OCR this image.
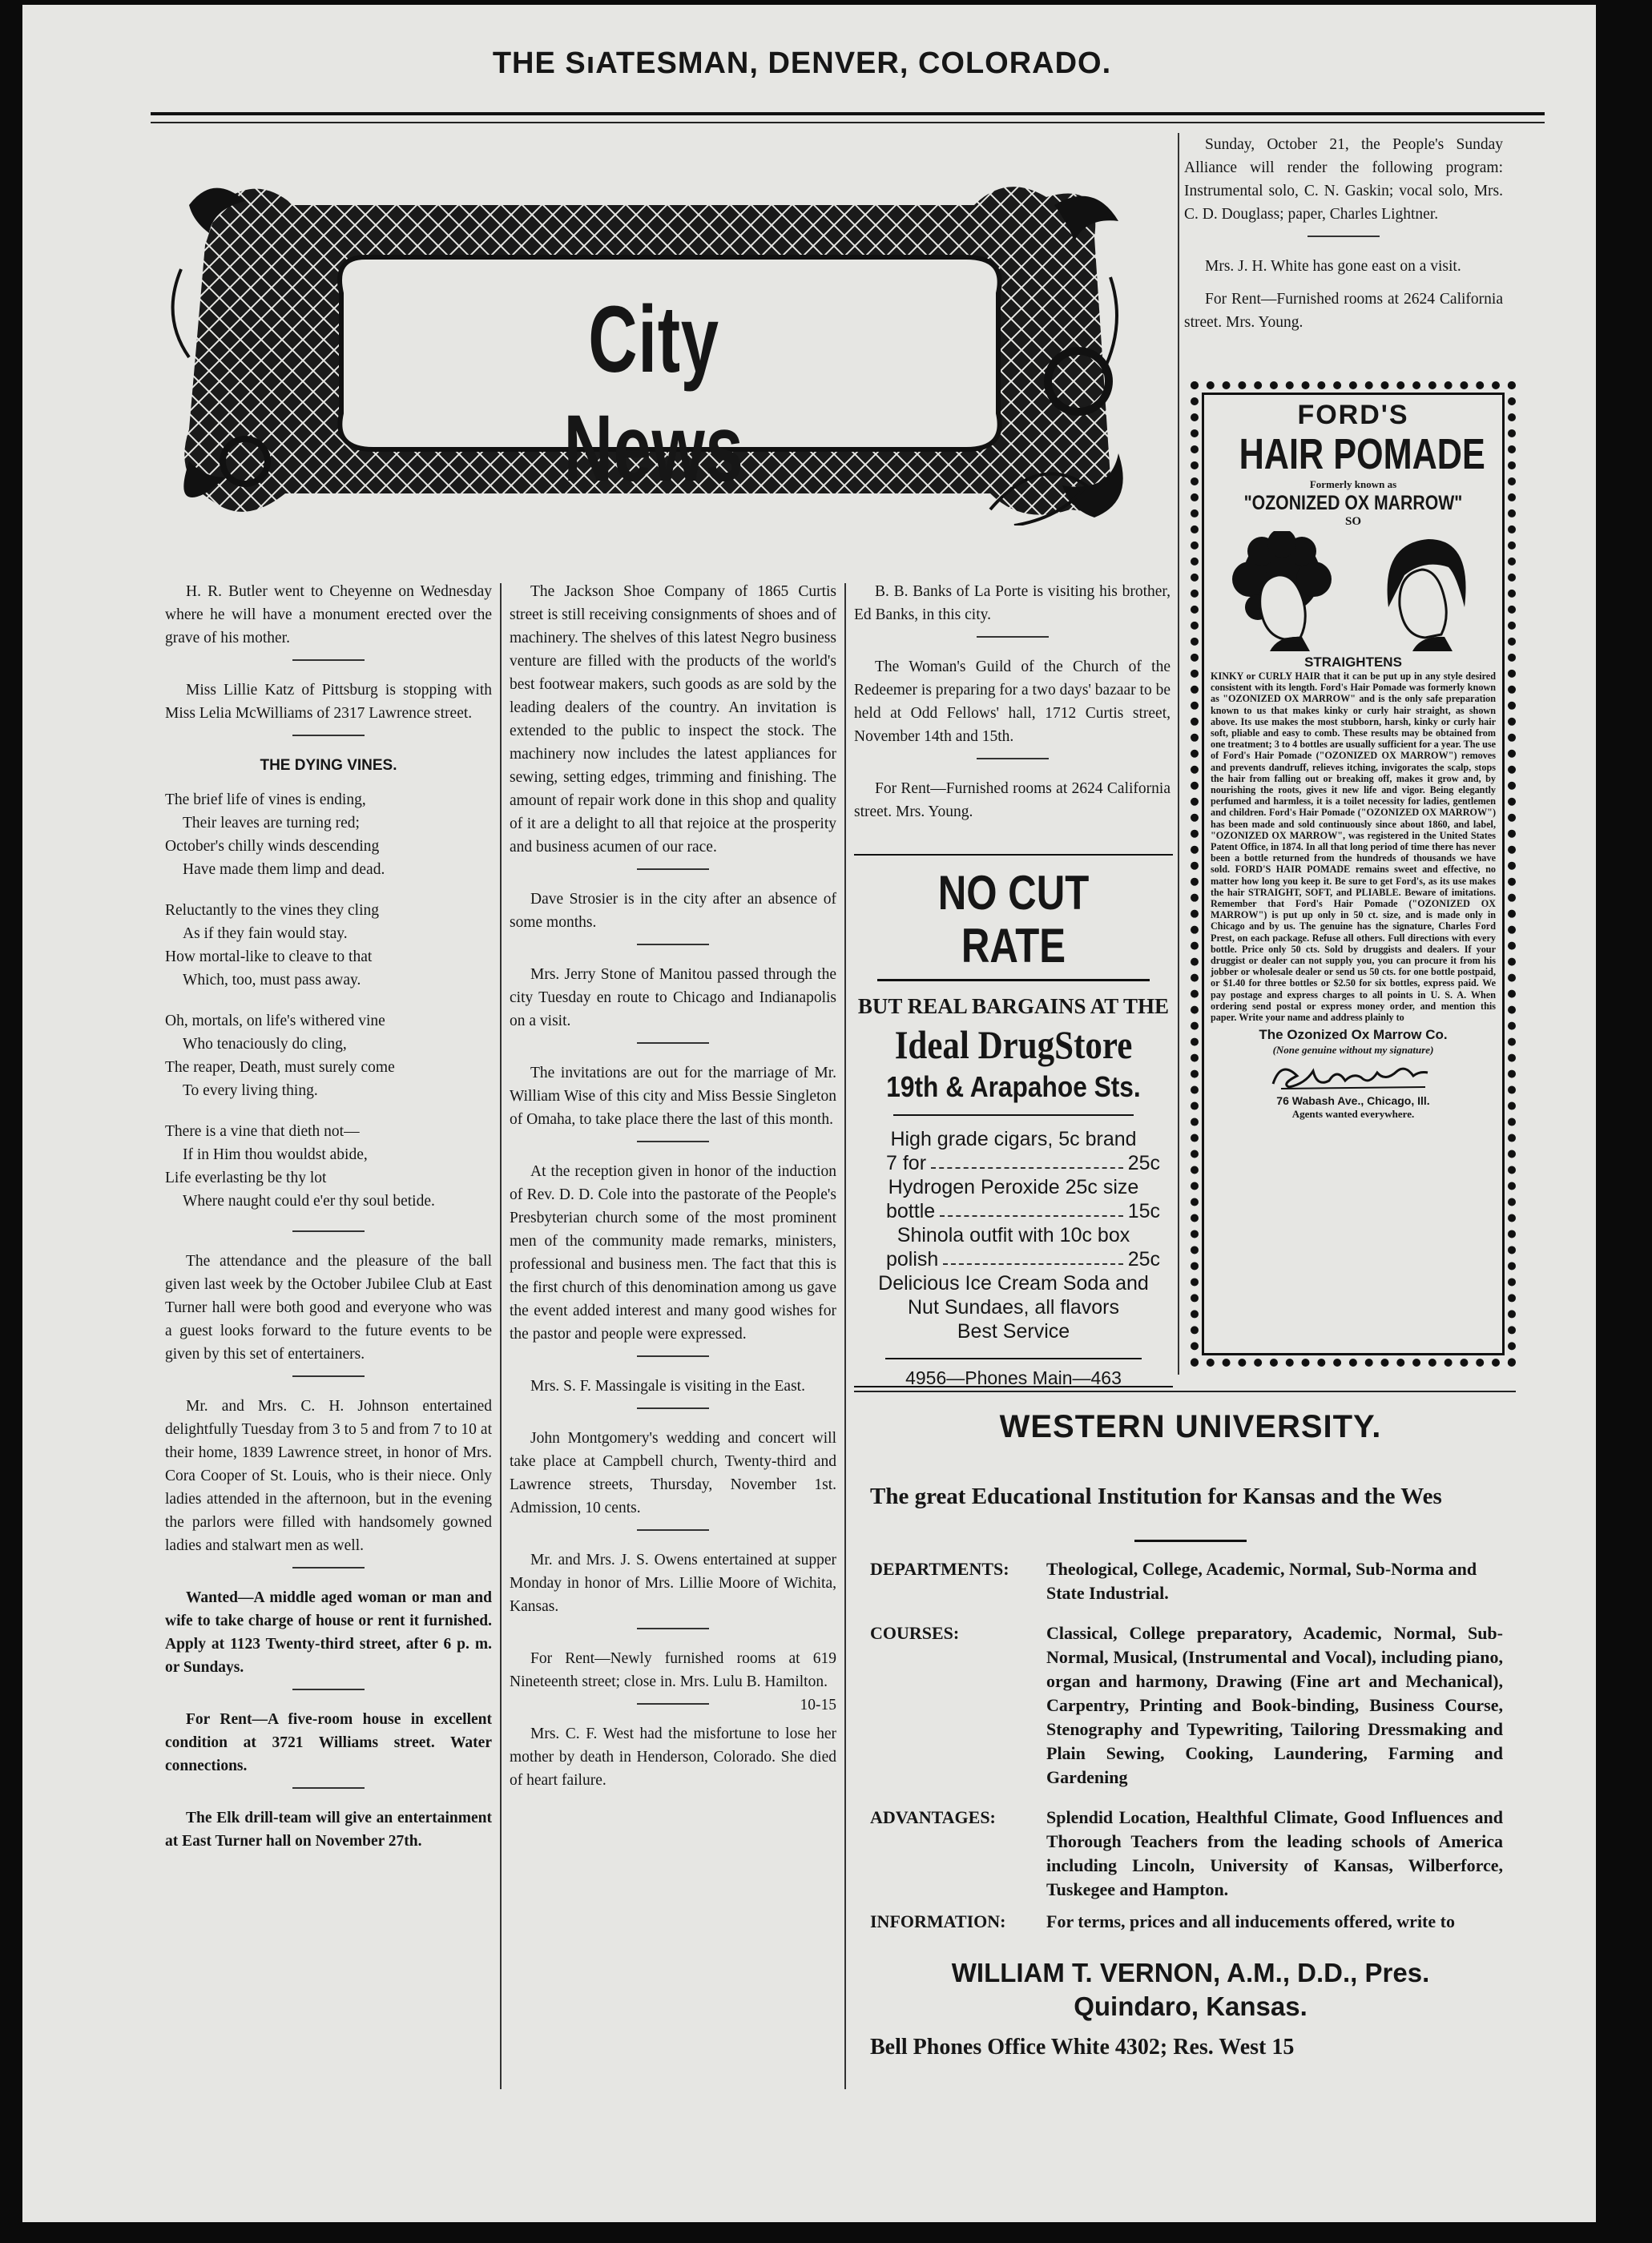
THE SıATESMAN, DENVER, COLORADO.
City News

H. R. Butler went to Cheyenne on Wednesday where he will have a monument erected over the grave of his mother.

Miss Lillie Katz of Pittsburg is stopping with Miss Lelia McWilliams of 2317 Lawrence street.

THE DYING VINES.
The brief life of vines is ending,
Their leaves are turning red;
October's chilly winds descending
Have made them limp and dead.
Reluctantly to the vines they cling
As if they fain would stay.
How mortal-like to cleave to that
Which, too, must pass away.
Oh, mortals, on life's withered vine
Who tenaciously do cling,
The reaper, Death, must surely come
To every living thing.
There is a vine that dieth not—
If in Him thou wouldst abide,
Life everlasting be thy lot
Where naught could e'er thy soul betide.

The attendance and the pleasure of the ball given last week by the October Jubilee Club at East Turner hall were both good and everyone who was a guest looks forward to the future events to be given by this set of entertainers.

Mr. and Mrs. C. H. Johnson entertained delightfully Tuesday from 3 to 5 and from 7 to 10 at their home, 1839 Lawrence street, in honor of Mrs. Cora Cooper of St. Louis, who is their niece. Only ladies attended in the afternoon, but in the evening the parlors were filled with handsomely gowned ladies and stalwart men as well.

Wanted—A middle aged woman or man and wife to take charge of house or rent it furnished. Apply at 1123 Twenty-third street, after 6 p. m. or Sundays.

For Rent—A five-room house in excellent condition at 3721 Williams street. Water connections.

The Elk drill-team will give an entertainment at East Turner hall on November 27th.

The Jackson Shoe Company of 1865 Curtis street is still receiving consignments of shoes and of machinery. The shelves of this latest Negro business venture are filled with the products of the world's best footwear makers, such goods as are sold by the leading dealers of the country. An invitation is extended to the public to inspect the stock. The machinery now includes the latest appliances for sewing, setting edges, trimming and finishing. The amount of repair work done in this shop and quality of it are a delight to all that rejoice at the prosperity and business acumen of our race.

Dave Strosier is in the city after an absence of some months.

Mrs. Jerry Stone of Manitou passed through the city Tuesday en route to Chicago and Indianapolis on a visit.

The invitations are out for the marriage of Mr. William Wise of this city and Miss Bessie Singleton of Omaha, to take place there the last of this month.

At the reception given in honor of the induction of Rev. D. D. Cole into the pastorate of the People's Presbyterian church some of the most prominent men of the community made remarks, ministers, professional and business men. The fact that this is the first church of this denomination among us gave the event added interest and many good wishes for the pastor and people were expressed.

Mrs. S. F. Massingale is visiting in the East.

John Montgomery's wedding and concert will take place at Campbell church, Twenty-third and Lawrence streets, Thursday, November 1st. Admission, 10 cents.

Mr. and Mrs. J. S. Owens entertained at supper Monday in honor of Mrs. Lillie Moore of Wichita, Kansas.

For Rent—Newly furnished rooms at 619 Nineteenth street; close in. Mrs. Lulu B. Hamilton.
10-15

Mrs. C. F. West had the misfortune to lose her mother by death in Henderson, Colorado. She died of heart failure.

B. B. Banks of La Porte is visiting his brother, Ed Banks, in this city.

The Woman's Guild of the Church of the Redeemer is preparing for a two days' bazaar to be held at Odd Fellows' hall, 1712 Curtis street, November 14th and 15th.

For Rent—Furnished rooms at 2624 California street. Mrs. Young.

NO CUT RATE
BUT REAL BARGAINS AT THE
Ideal DrugStore
19th & Arapahoe Sts.
High grade cigars, 5c brand
7 for	25c
Hydrogen Peroxide 25c size
bottle	15c
Shinola outfit with 10c box
polish	25c
Delicious Ice Cream Soda and Nut Sundaes, all flavors
Best Service
4956—Phones Main—463

Sunday, October 21, the People's Sunday Alliance will render the following program: Instrumental solo, C. N. Gaskin; vocal solo, Mrs. C. D. Douglass; paper, Charles Lightner.

Mrs. J. H. White has gone east on a visit.

For Rent—Furnished rooms at 2624 California street. Mrs. Young.

FORD'S
HAIR POMADE
Formerly known as
"OZONIZED OX MARROW"
SO
STRAIGHTENS
KINKY or CURLY HAIR that it can be put up in any style desired consistent with its length. Ford's Hair Pomade was formerly known as "OZONIZED OX MARROW" and is the only safe preparation known to us that makes kinky or curly hair straight, as shown above. Its use makes the most stubborn, harsh, kinky or curly hair soft, pliable and easy to comb. These results may be obtained from one treatment; 3 to 4 bottles are usually sufficient for a year. The use of Ford's Hair Pomade ("OZONIZED OX MARROW") removes and prevents dandruff, relieves itching, invigorates the scalp, stops the hair from falling out or breaking off, makes it grow and, by nourishing the roots, gives it new life and vigor. Being elegantly perfumed and harmless, it is a toilet necessity for ladies, gentlemen and children. Ford's Hair Pomade ("OZONIZED OX MARROW") has been made and sold continuously since about 1860, and label, "OZONIZED OX MARROW", was registered in the United States Patent Office, in 1874. In all that long period of time there has never been a bottle returned from the hundreds of thousands we have sold. FORD'S HAIR POMADE remains sweet and effective, no matter how long you keep it. Be sure to get Ford's, as its use makes the hair STRAIGHT, SOFT, and PLIABLE. Beware of imitations. Remember that Ford's Hair Pomade ("OZONIZED OX MARROW") is put up only in 50 ct. size, and is made only in Chicago and by us. The genuine has the signature, Charles Ford Prest, on each package. Refuse all others. Full directions with every bottle. Price only 50 cts. Sold by druggists and dealers. If your druggist or dealer can not supply you, you can procure it from his jobber or wholesale dealer or send us 50 cts. for one bottle postpaid, or $1.40 for three bottles or $2.50 for six bottles, express paid. We pay postage and express charges to all points in U. S. A. When ordering send postal or express money order, and mention this paper. Write your name and address plainly to
The Ozonized Ox Marrow Co.
(None genuine without my signature)
76 Wabash Ave., Chicago, Ill.
Agents wanted everywhere.
WESTERN UNIVERSITY.
The great Educational Institution for Kansas and the Wes
DEPARTMENTS:	Theological, College, Academic, Normal, Sub-Norma and State Industrial.
COURSES:	Classical, College preparatory, Academic, Normal, Sub-Normal, Musical, (Instrumental and Vocal), including piano, organ and harmony, Drawing (Fine art and Mechanical), Carpentry, Printing and Book-binding, Business Course, Stenography and Typewriting, Tailoring Dressmaking and Plain Sewing, Cooking, Laundering, Farming and Gardening
ADVANTAGES:	Splendid Location, Healthful Climate, Good Influences and Thorough Teachers from the leading schools of America including Lincoln, University of Kansas, Wilberforce, Tuskegee and Hampton.
INFORMATION:	For terms, prices and all inducements offered, write to
WILLIAM T. VERNON, A.M., D.D., Pres.
Quindaro, Kansas.
Bell Phones Office White 4302; Res. West 15
